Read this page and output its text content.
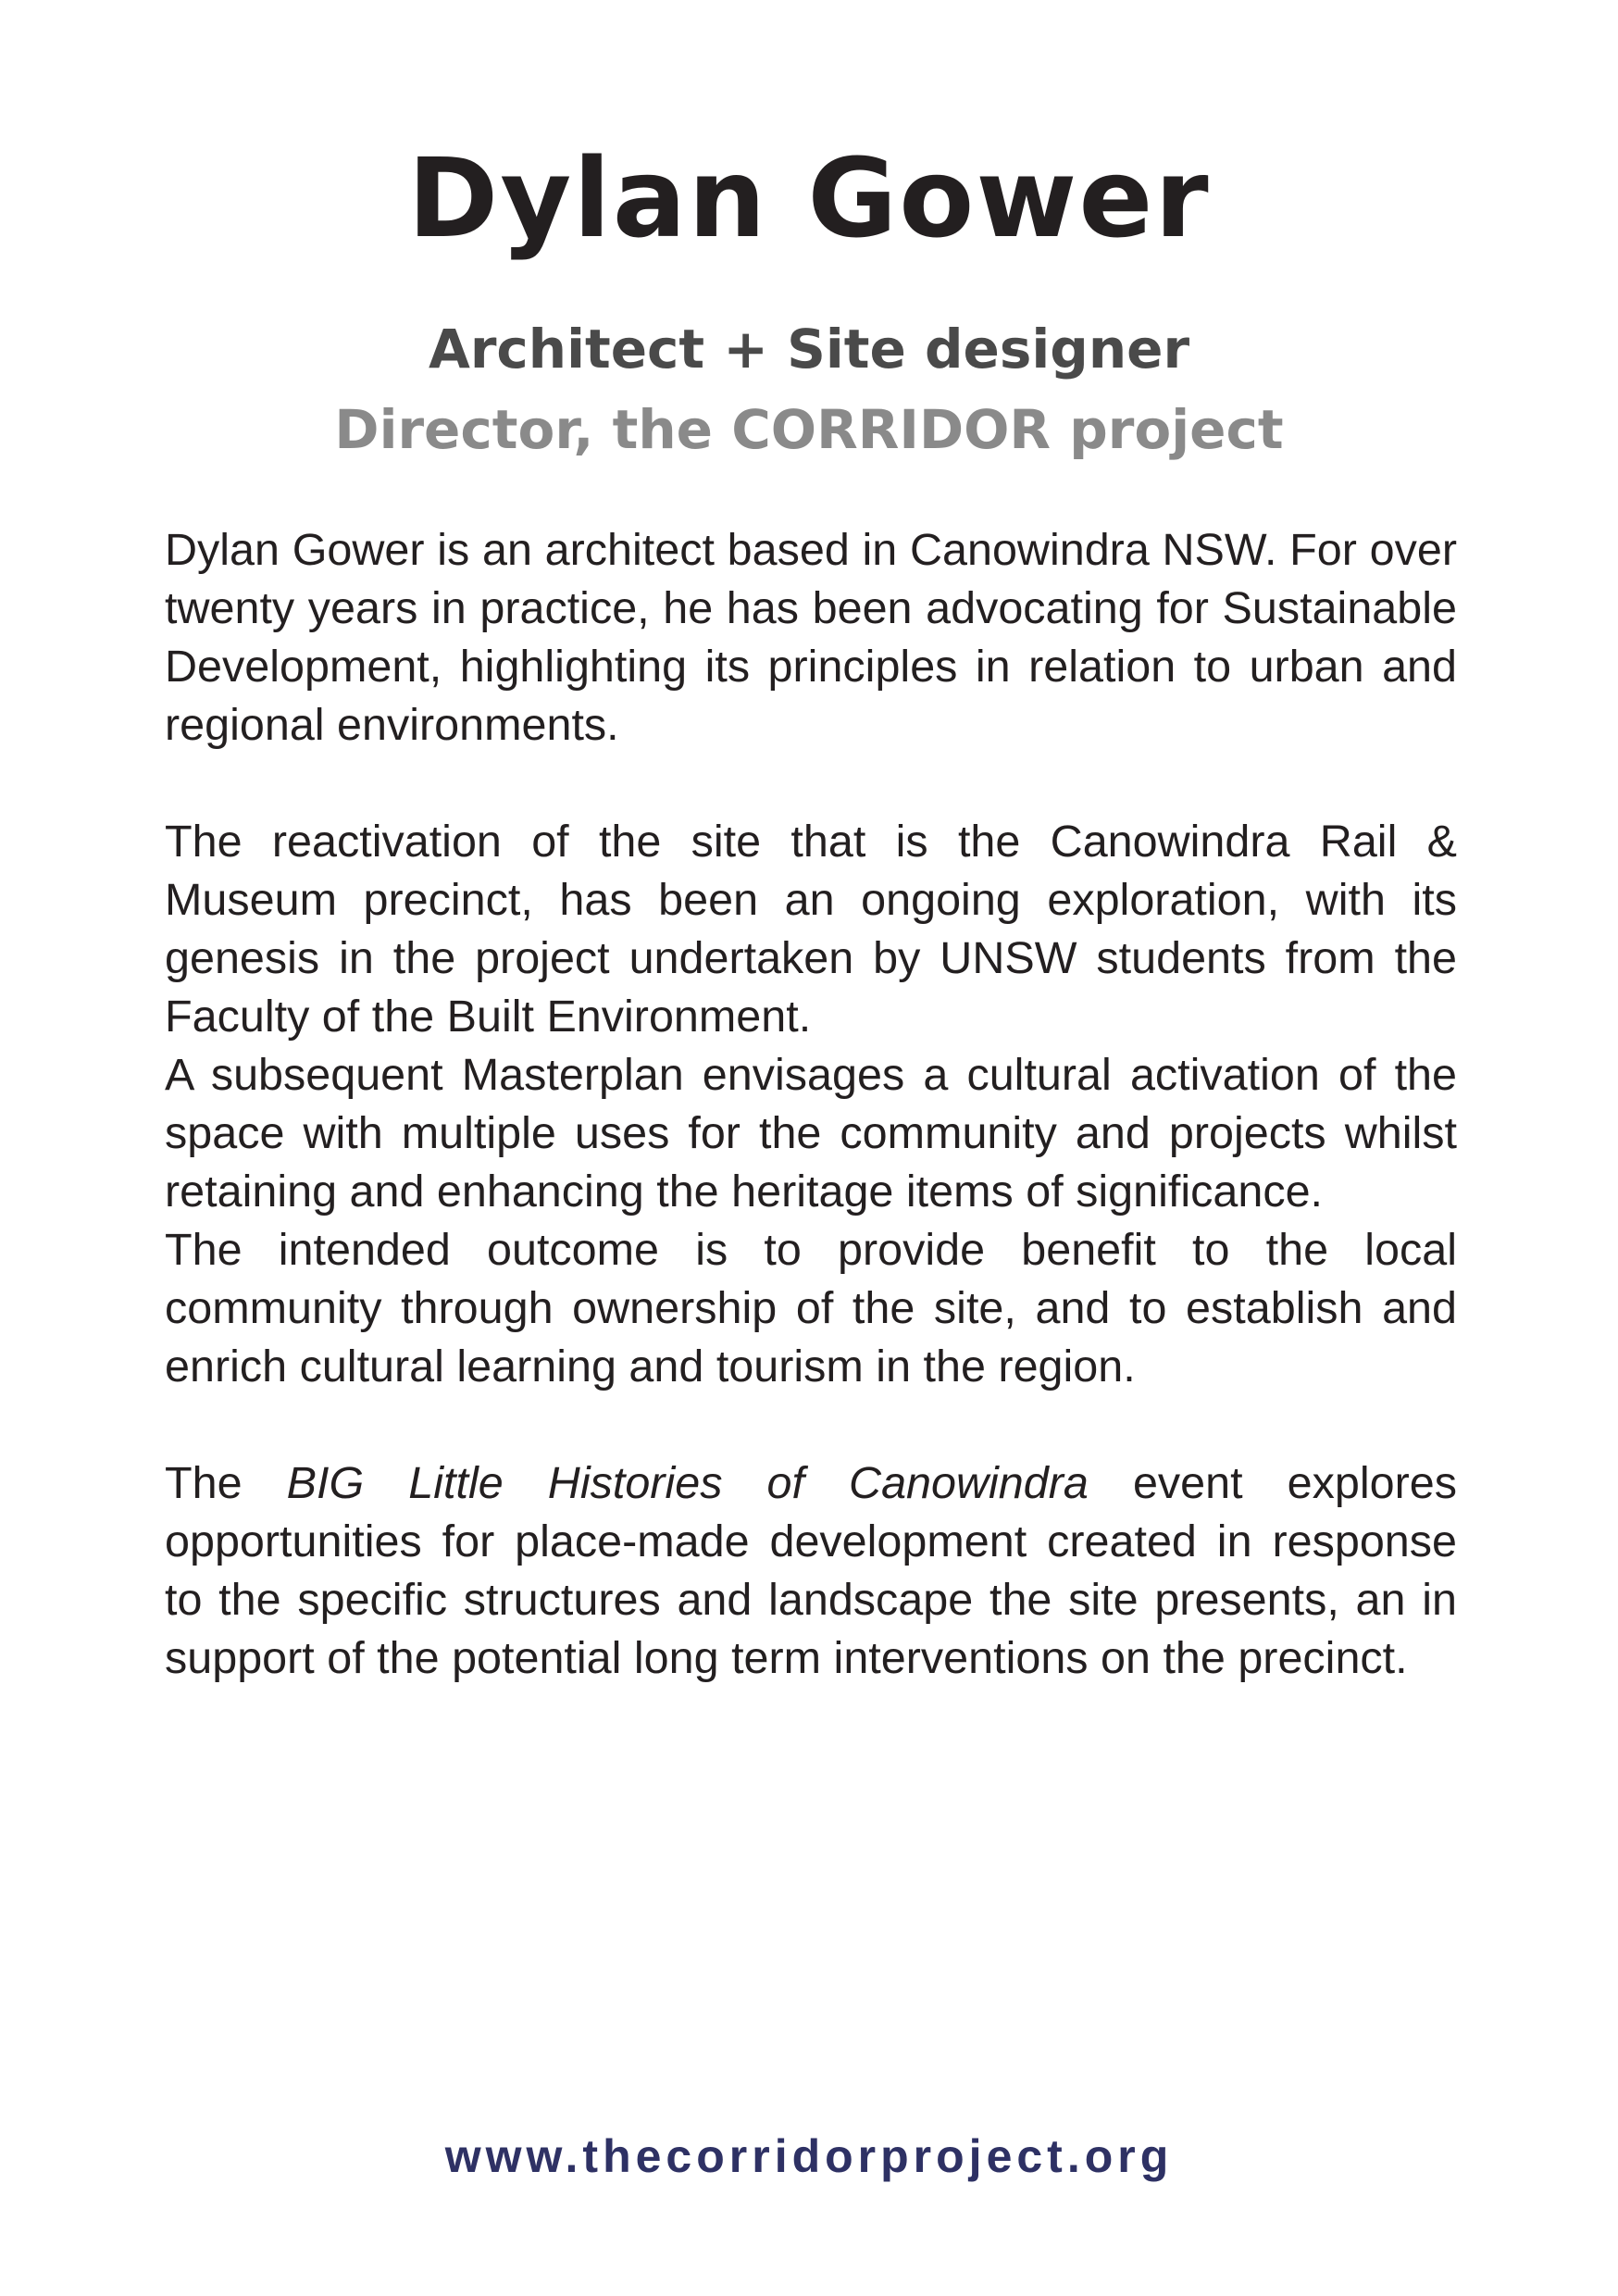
Dylan Gower
Architect + Site designer
Director, the CORRIDOR project

Dylan Gower is an architect based in Canowindra NSW. For over twenty years in practice, he has been advocating for Sustainable Development, highlighting its principles in relation to urban and regional environments.

The reactivation of the site that is the Canowindra Rail & Museum precinct, has been an ongoing exploration, with its genesis in the project undertaken by UNSW students from the Faculty of the Built Environment.

A subsequent Masterplan envisages a cultural activation of the space with multiple uses for the community and projects whilst retaining and enhancing the heritage items of significance.

The intended outcome is to provide benefit to the local community through ownership of the site, and to establish and enrich cultural learning and tourism in the region.

The BIG Little Histories of Canowindra event explores opportunities for place-made development created in response to the specific structures and landscape the site presents, an in support of the potential long term interventions on the precinct.

www.thecorridorproject.org
